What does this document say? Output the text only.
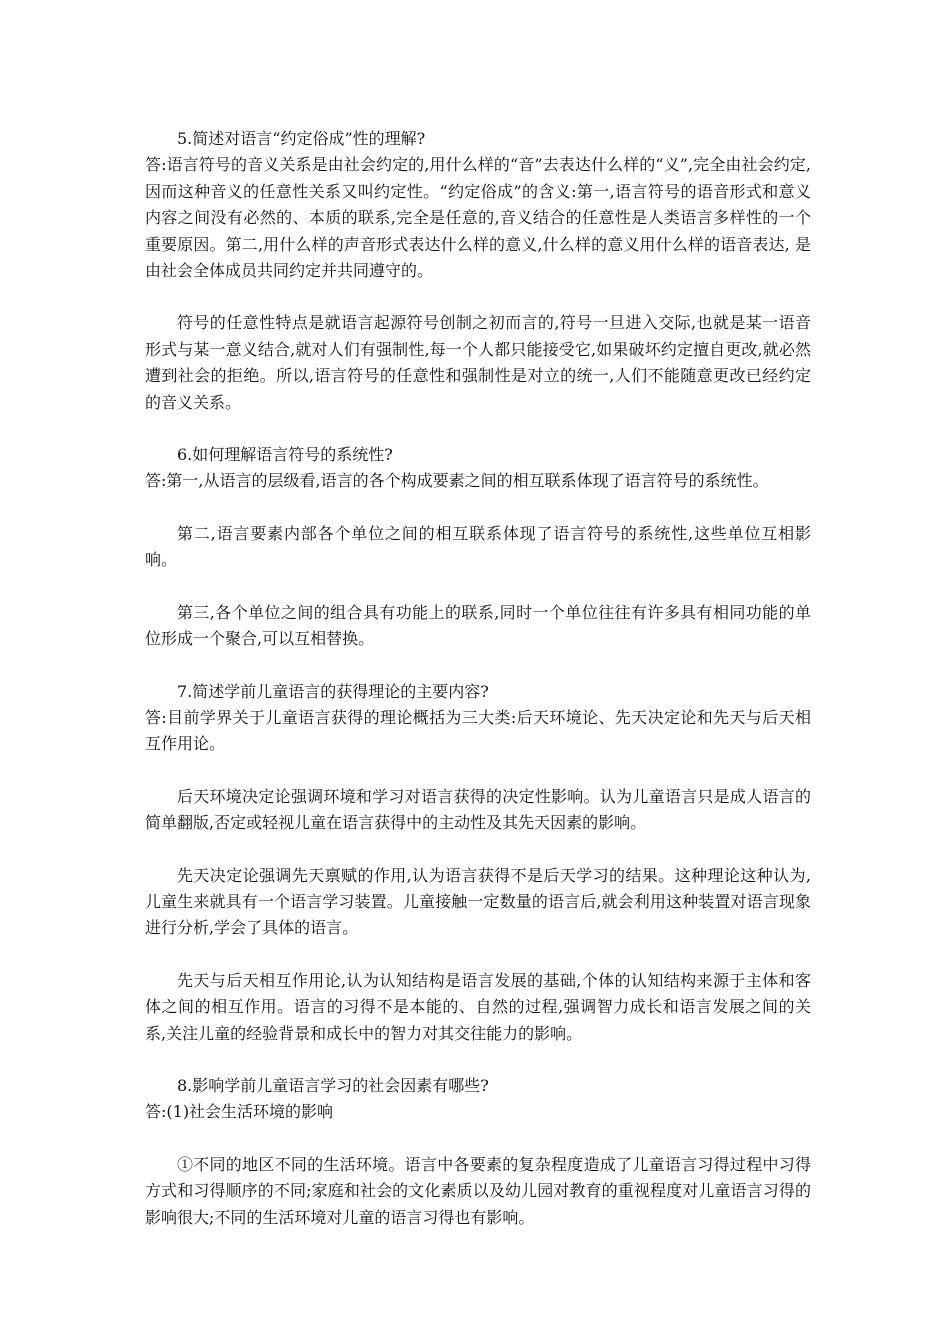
5.简述对语言“约定俗成”性的理解?

答:语言符号的音义关系是由社会约定的,用什么样的“音”去表达什么样的“义”,完全由社会约定,因而这种音义的任意性关系又叫约定性。“约定俗成”的含义:第一,语言符号的语音形式和意义内容之间没有必然的、本质的联系,完全是任意的,音义结合的任意性是人类语言多样性的一个重要原因。第二,用什么样的声音形式表达什么样的意义,什么样的意义用什么样的语音表达, 是由社会全体成员共同约定并共同遵守的。

符号的任意性特点是就语言起源符号创制之初而言的,符号一旦进入交际,也就是某一语音形式与某一意义结合,就对人们有强制性,每一个人都只能接受它,如果破坏约定擅自更改,就必然遭到社会的拒绝。所以,语言符号的任意性和强制性是对立的统一,人们不能随意更改已经约定的音义关系。

6.如何理解语言符号的系统性?

答:第一,从语言的层级看,语言的各个构成要素之间的相互联系体现了语言符号的系统性。

第二,语言要素内部各个单位之间的相互联系体现了语言符号的系统性,这些单位互相影响。

第三,各个单位之间的组合具有功能上的联系,同时一个单位往往有许多具有相同功能的单位形成一个聚合,可以互相替换。

7.简述学前儿童语言的获得理论的主要内容?

答:目前学界关于儿童语言获得的理论概括为三大类:后天环境论、先天决定论和先天与后天相互作用论。

后天环境决定论强调环境和学习对语言获得的决定性影响。认为儿童语言只是成人语言的简单翻版,否定或轻视儿童在语言获得中的主动性及其先天因素的影响。

先天决定论强调先天禀赋的作用,认为语言获得不是后天学习的结果。这种理论这种认为,儿童生来就具有一个语言学习装置。儿童接触一定数量的语言后,就会利用这种装置对语言现象进行分析,学会了具体的语言。

先天与后天相互作用论,认为认知结构是语言发展的基础,个体的认知结构来源于主体和客体之间的相互作用。语言的习得不是本能的、自然的过程,强调智力成长和语言发展之间的关系,关注儿童的经验背景和成长中的智力对其交往能力的影响。

8.影响学前儿童语言学习的社会因素有哪些?

答:(1)社会生活环境的影响

①不同的地区不同的生活环境。语言中各要素的复杂程度造成了儿童语言习得过程中习得方式和习得顺序的不同;家庭和社会的文化素质以及幼儿园对教育的重视程度对儿童语言习得的影响很大;不同的生活环境对儿童的语言习得也有影响。
